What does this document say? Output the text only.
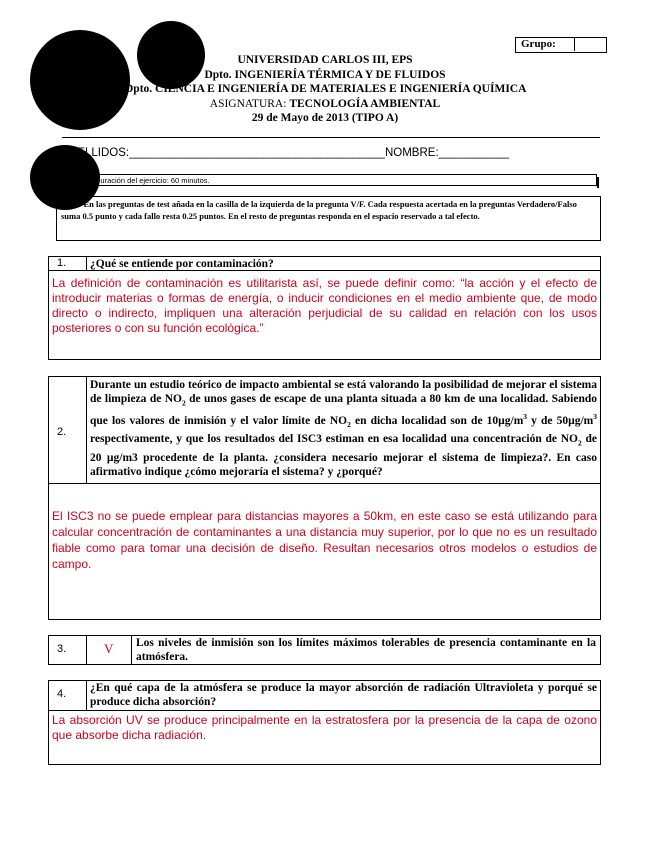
Grupo:
UNIVERSIDAD CARLOS III, EPS
Dpto. INGENIERÍA TÉRMICA Y DE FLUIDOS
Dpto. CIENCIA E INGENIERÍA DE MATERIALES E INGENIERÍA QUÍMICA
ASIGNATURA: TECNOLOGÍA AMBIENTAL
29 de Mayo de 2013 (TIPO A)
APELLIDOS:________________________________________NOMBRE:___________
Duración del ejercicio: 60 minutos.
Nota: En las preguntas de test añada en la casilla de la izquierda de la pregunta V/F. Cada respuesta acertada en la preguntas Verdadero/Falso suma 0.5 punto y cada fallo resta 0.25 puntos. En el resto de preguntas responda en el espacio reservado a tal efecto.
1. ¿Qué se entiende por contaminación?
La definición de contaminación es utilitarista así, se puede definir como: “la acción y el efecto de introducir materias o formas de energía, o inducir condiciones en el medio ambiente que, de modo directo o indirecto, impliquen una alteración perjudicial de su calidad en relación con los usos posteriores o con su función ecológica.”
2.
Durante un estudio teórico de impacto ambiental se está valorando la posibilidad de mejorar el sistema de limpieza de $NO_2$ de unos gases de escape de una planta situada a 80 km de una localidad. Sabiendo que los valores de inmisión y el valor límite de $NO_2$ en dicha localidad son de $10\mu g/m^3$ y de $50\mu g/m^3$ respectivamente, y que los resultados del ISC3 estiman en esa localidad una concentración de $NO_2$ de 20 µg/m3 procedente de la planta. ¿considera necesario mejorar el sistema de limpieza?. En caso afirmativo indique ¿cómo mejoraría el sistema? y ¿porqué?
El ISC3 no se puede emplear para distancias mayores a 50km, en este caso se está utilizando para calcular concentración de contaminantes a una distancia muy superior, por lo que no es un resultado fiable como para tomar una decisión de diseño. Resultan necesarios otros modelos o estudios de campo.
3.	V Los niveles de inmisión son los límites máximos tolerables de presencia contaminante en la atmósfera.
4. ¿En qué capa de la atmósfera se produce la mayor absorción de radiación Ultravioleta y porqué se produce dicha absorción?
La absorción UV se produce principalmente en la estratosfera por la presencia de la capa de ozono que absorbe dicha radiación.
